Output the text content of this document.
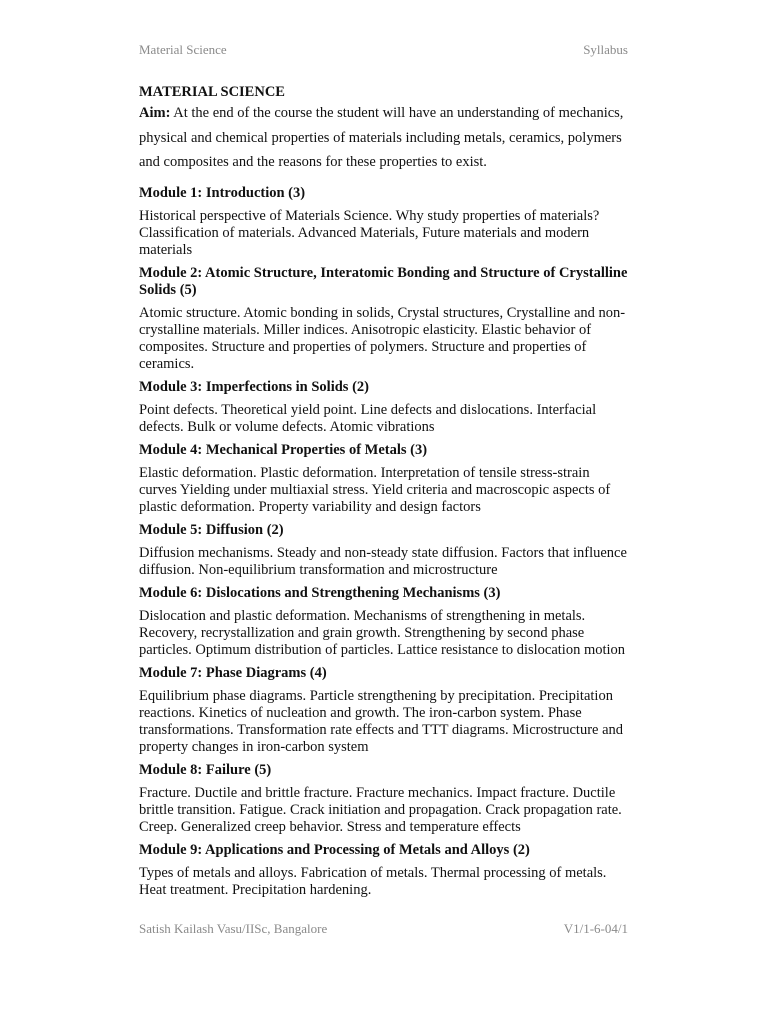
Material Science	Syllabus

MATERIAL SCIENCE

Aim: At the end of the course the student will have an understanding of mechanics, physical and chemical properties of materials including metals, ceramics, polymers and composites and the reasons for these properties to exist.

Module 1: Introduction (3)

Historical perspective of Materials Science. Why study properties of materials? Classification of materials. Advanced Materials, Future materials and modern materials

Module 2: Atomic Structure, Interatomic Bonding and Structure of Crystalline Solids (5)

Atomic structure. Atomic bonding in solids, Crystal structures, Crystalline and non-crystalline materials. Miller indices. Anisotropic elasticity. Elastic behavior of composites. Structure and properties of polymers. Structure and properties of ceramics.

Module 3: Imperfections in Solids (2)

Point defects. Theoretical yield point. Line defects and dislocations. Interfacial defects. Bulk or volume defects. Atomic vibrations

Module 4: Mechanical Properties of Metals (3)

Elastic deformation. Plastic deformation. Interpretation of tensile stress-strain curves Yielding under multiaxial stress. Yield criteria and macroscopic aspects of plastic deformation. Property variability and design factors

Module 5: Diffusion (2)

Diffusion mechanisms. Steady and non-steady state diffusion. Factors that influence diffusion. Non-equilibrium transformation and microstructure

Module 6: Dislocations and Strengthening Mechanisms (3)

Dislocation and plastic deformation. Mechanisms of strengthening in metals. Recovery, recrystallization and grain growth. Strengthening by second phase particles. Optimum distribution of particles. Lattice resistance to dislocation motion

Module 7: Phase Diagrams (4)

Equilibrium phase diagrams. Particle strengthening by precipitation. Precipitation reactions. Kinetics of nucleation and growth. The iron-carbon system. Phase transformations. Transformation rate effects and TTT diagrams. Microstructure and property changes in iron-carbon system

Module 8: Failure (5)

Fracture. Ductile and brittle fracture. Fracture mechanics. Impact fracture. Ductile brittle transition. Fatigue. Crack initiation and propagation. Crack propagation rate. Creep. Generalized creep behavior. Stress and temperature effects

Module 9: Applications and Processing of Metals and Alloys (2)

Types of metals and alloys. Fabrication of metals. Thermal processing of metals. Heat treatment. Precipitation hardening.

Satish Kailash Vasu/IISc, Bangalore	V1/1-6-04/1
